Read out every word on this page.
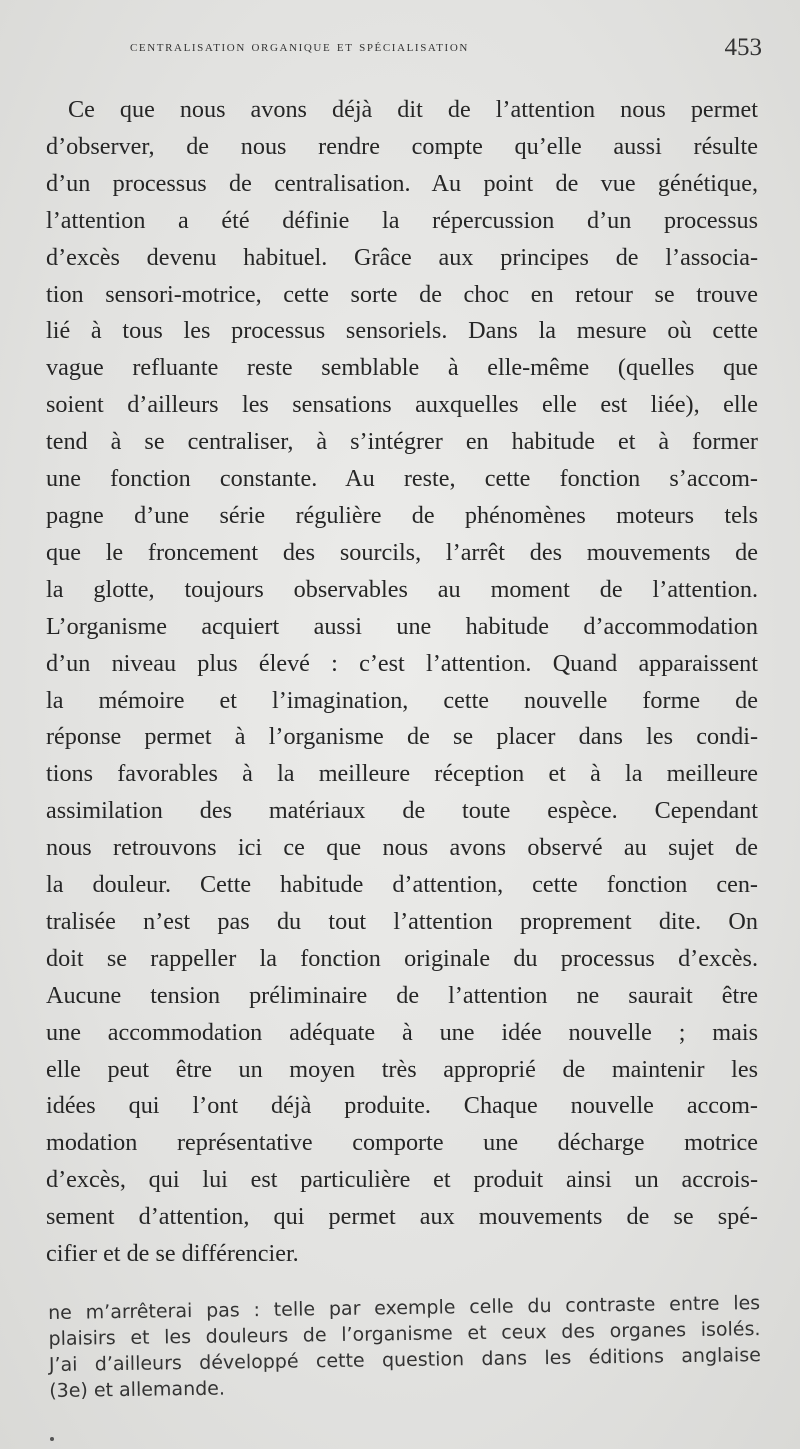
centralisation organique et spécialisation	453
Ce que nous avons déjà dit de l’attention nous permet
d’observer, de nous rendre compte qu’elle aussi résulte
d’un processus de centralisation. Au point de vue génétique,
l’attention a été définie la répercussion d’un processus
d’excès devenu habituel. Grâce aux principes de l’associa-
tion sensori-motrice, cette sorte de choc en retour se trouve
lié à tous les processus sensoriels. Dans la mesure où cette
vague refluante reste semblable à elle-même (quelles que
soient d’ailleurs les sensations auxquelles elle est liée), elle
tend à se centraliser, à s’intégrer en habitude et à former
une fonction constante. Au reste, cette fonction s’accom-
pagne d’une série régulière de phénomènes moteurs tels
que le froncement des sourcils, l’arrêt des mouvements de
la glotte, toujours observables au moment de l’attention.
L’organisme acquiert aussi une habitude d’accommodation
d’un niveau plus élevé : c’est l’attention. Quand apparaissent
la mémoire et l’imagination, cette nouvelle forme de
réponse permet à l’organisme de se placer dans les condi-
tions favorables à la meilleure réception et à la meilleure
assimilation des matériaux de toute espèce. Cependant
nous retrouvons ici ce que nous avons observé au sujet de
la douleur. Cette habitude d’attention, cette fonction cen-
tralisée n’est pas du tout l’attention proprement dite. On
doit se rappeller la fonction originale du processus d’excès.
Aucune tension préliminaire de l’attention ne saurait être
une accommodation adéquate à une idée nouvelle ; mais
elle peut être un moyen très approprié de maintenir les
idées qui l’ont déjà produite. Chaque nouvelle accom-
modation représentative comporte une décharge motrice
d’excès, qui lui est particulière et produit ainsi un accrois-
sement d’attention, qui permet aux mouvements de se spé-
cifier et de se différencier.
ne m’arrêterai pas : telle par exemple celle du contraste entre les
plaisirs et les douleurs de l’organisme et ceux des organes isolés.
J’ai d’ailleurs développé cette question dans les éditions anglaise
(3e) et allemande.
